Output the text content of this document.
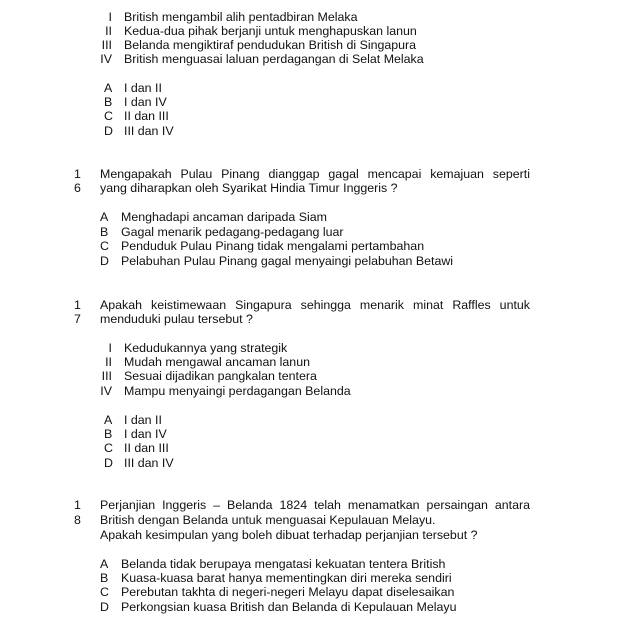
I British mengambil alih pentadbiran Melaka
II Kedua-dua pihak berjanji untuk menghapuskan lanun
III Belanda mengiktiraf pendudukan British di Singapura
IV British menguasai laluan perdagangan di Selat Melaka
A I dan II
B I dan IV
C II dan III
D III dan IV
1
6
Mengapakah Pulau Pinang dianggap gagal mencapai kemajuan seperti
yang diharapkan oleh Syarikat Hindia Timur Inggeris ?
A Menghadapi ancaman daripada Siam
B Gagal menarik pedagang-pedagang luar
C Penduduk Pulau Pinang tidak mengalami pertambahan
D Pelabuhan Pulau Pinang gagal menyaingi pelabuhan Betawi
1
7
Apakah keistimewaan Singapura sehingga menarik minat Raffles untuk
menduduki pulau tersebut ?
I Kedudukannya yang strategik
II Mudah mengawal ancaman lanun
III Sesuai dijadikan pangkalan tentera
IV Mampu menyaingi perdagangan Belanda
A I dan II
B I dan IV
C II dan III
D III dan IV
1
8
Perjanjian Inggeris – Belanda 1824 telah menamatkan persaingan antara
British dengan Belanda untuk menguasai Kepulauan Melayu.
Apakah kesimpulan yang boleh dibuat terhadap perjanjian tersebut ?
A Belanda tidak berupaya mengatasi kekuatan tentera British
B Kuasa-kuasa barat hanya mementingkan diri mereka sendiri
C Perebutan takhta di negeri-negeri Melayu dapat diselesaikan
D Perkongsian kuasa British dan Belanda di Kepulauan Melayu
